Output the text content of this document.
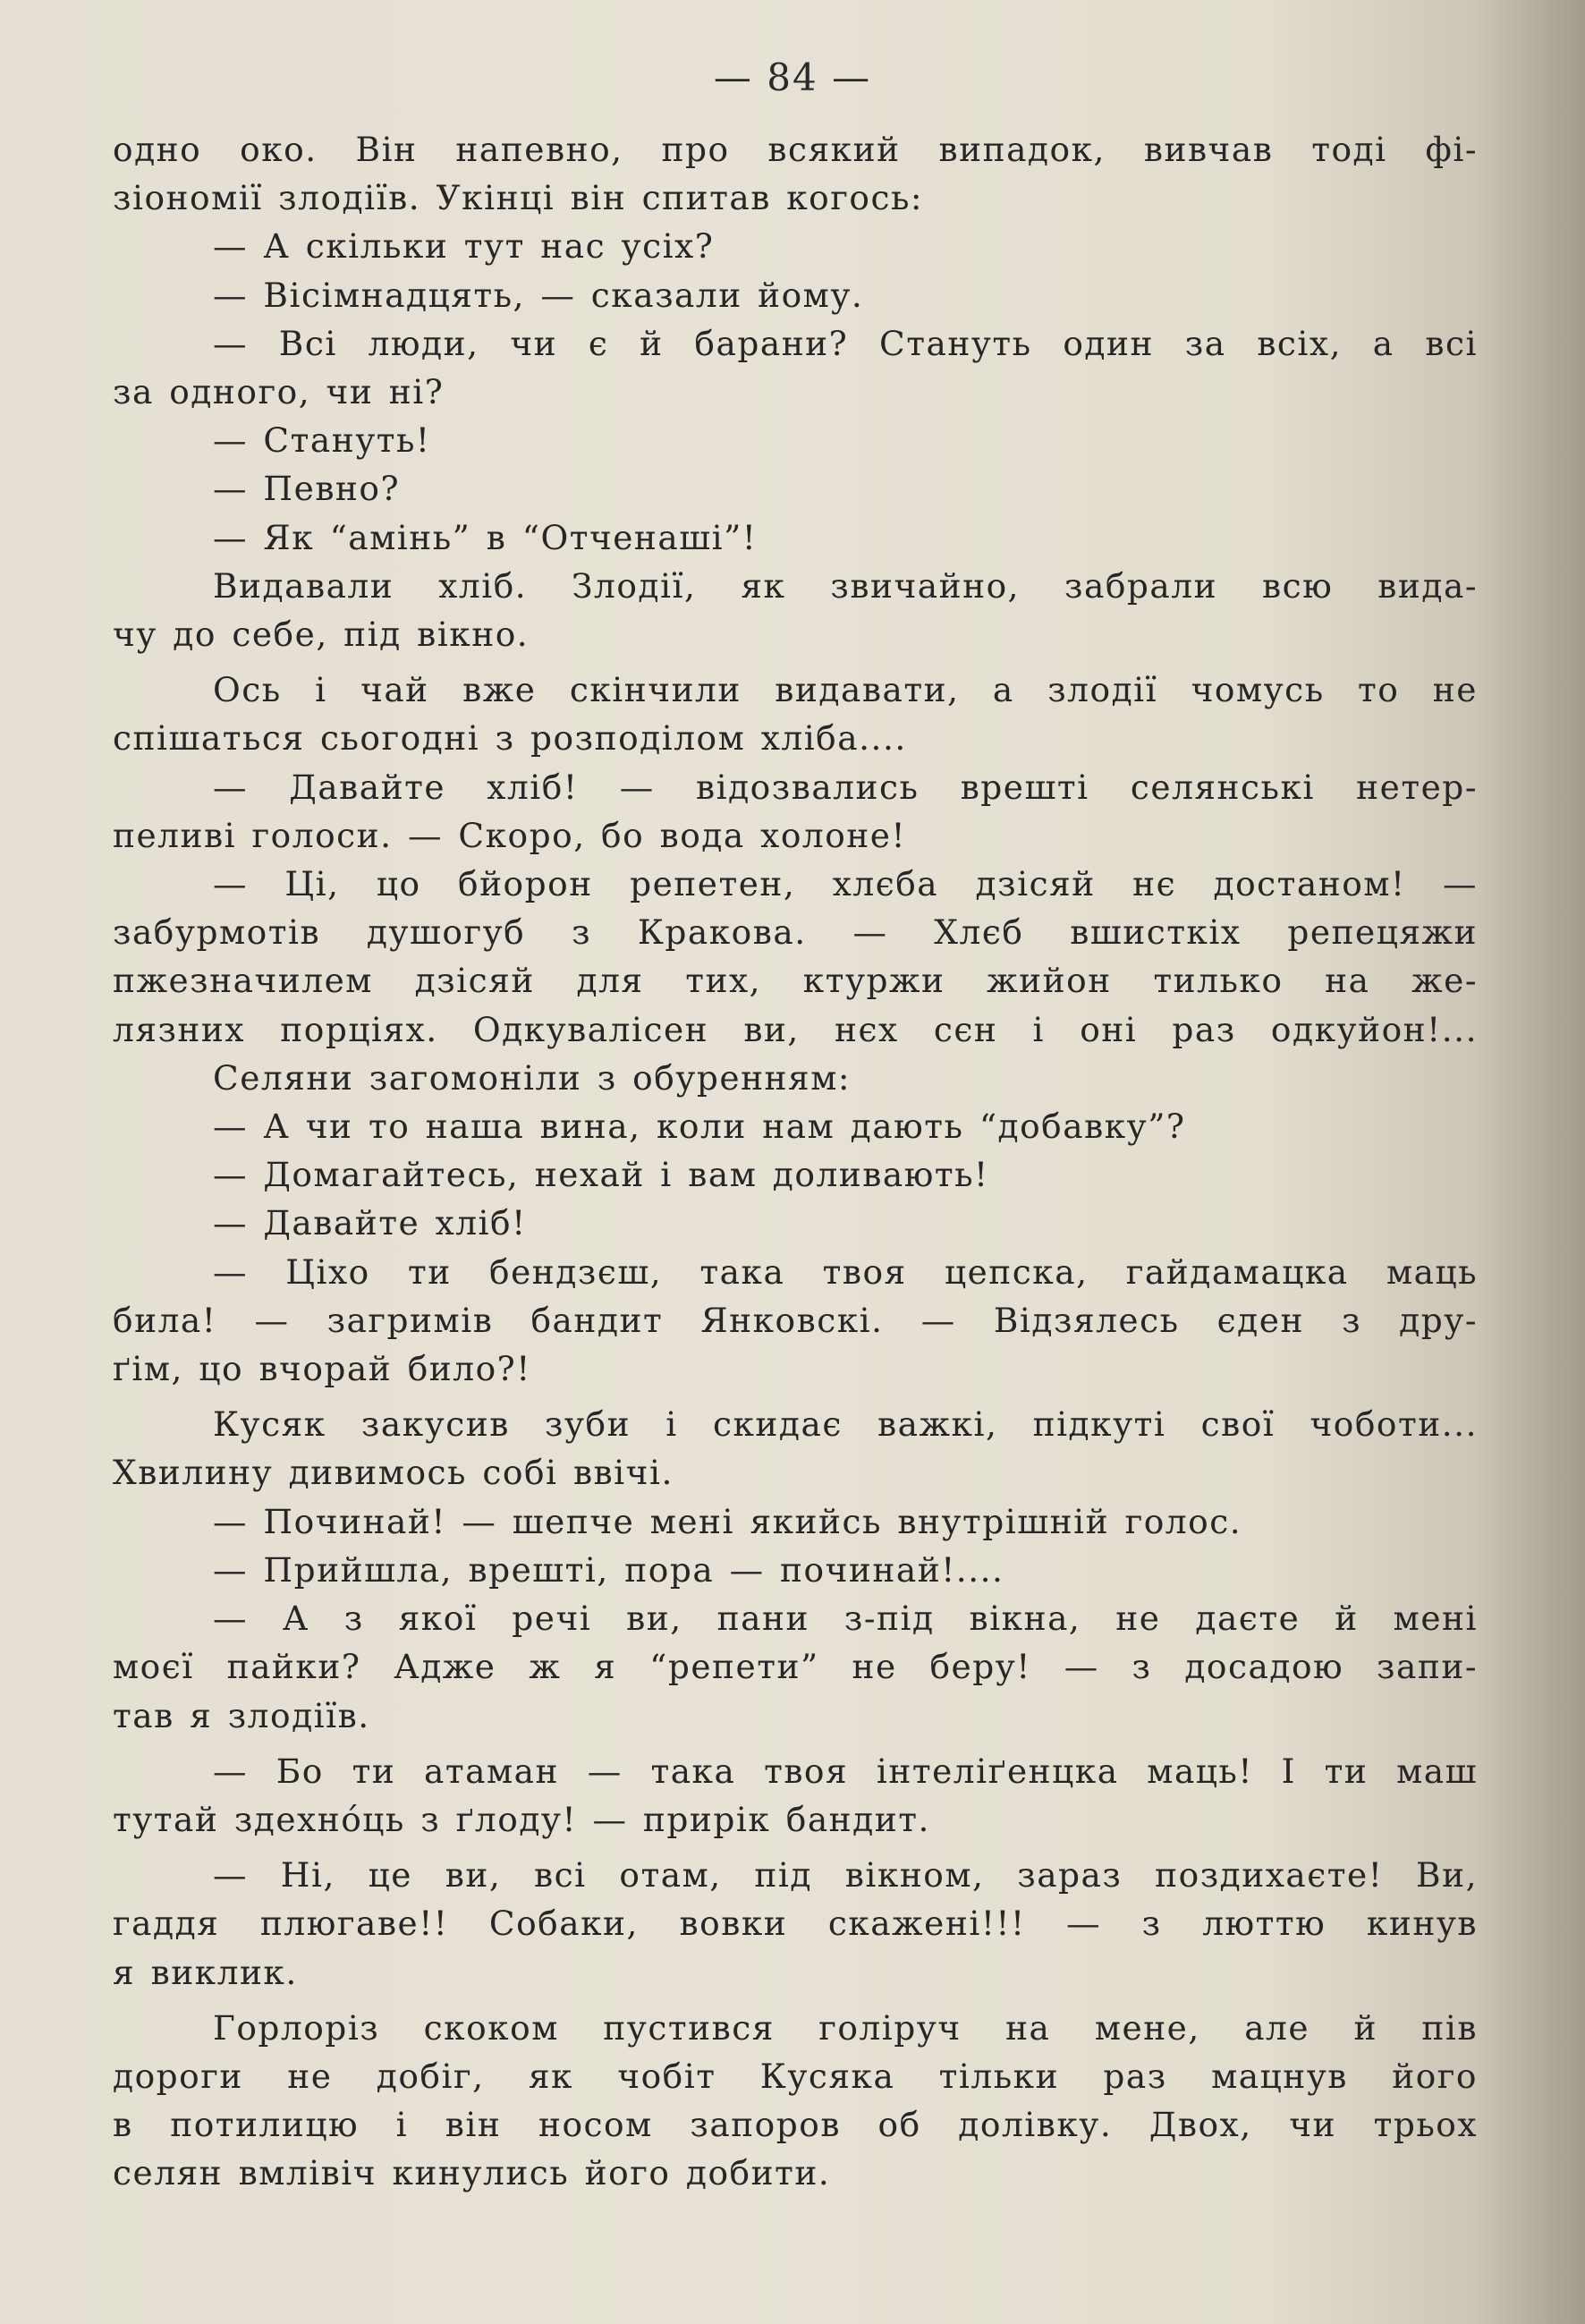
— 84 —
одно око. Він напевно, про всякий випадок, вивчав тоді фі-
зіономії злодіїв. Укінці він спитав когось:
— А скільки тут нас усіх?
— Вісімнадцять, — сказали йому.
— Всі люди, чи є й барани? Стануть один за всіх, а всі
за одного, чи ні?
— Стануть!
— Певно?
— Як “амінь” в “Отченаші”!
Видавали хліб. Злодії, як звичайно, забрали всю вида-
чу до себе, під вікно.
Ось і чай вже скінчили видавати, а злодії чомусь то не
спішаться сьогодні з розподілом хліба....
— Давайте хліб! — відозвались врешті селянські нетер-
пеливі голоси. — Скоро, бо вода холоне!
— Ці, цо бйорон репетен, хлєба дзісяй нє достаном! —
забурмотів душогуб з Кракова. — Хлєб вшисткіх репецяжи
пжезначилем дзісяй для тих, ктуржи жийон тилько на же-
лязних порціях. Одкувалісен ви, нєх сєн і оні раз одкуйон!...
Селяни загомоніли з обуренням:
— А чи то наша вина, коли нам дають “добавку”?
— Домагайтесь, нехай і вам доливають!
— Давайте хліб!
— Ціхо ти бендзєш, така твоя цепска, гайдамацка маць
била! — загримів бандит Янковскі. — Відзялесь єден з дру-
ґім, цо вчорай било?!
Кусяк закусив зуби і скидає важкі, підкуті свої чоботи...
Хвилину дивимось собі ввічі.
— Починай! — шепче мені якийсь внутрішній голос.
— Прийшла, врешті, пора — починай!....
— А з якої речі ви, пани з-під вікна, не даєте й мені
моєї пайки? Адже ж я “репети” не беру! — з досадою запи-
тав я злодіїв.
— Бо ти атаман — така твоя інтеліґенцка маць! І ти маш
тутай здехнόць з ґлоду! — прирік бандит.
— Ні, це ви, всі отам, під вікном, зараз поздихаєте! Ви,
гаддя плюгаве!! Собаки, вовки скажені!!! — з люттю кинув
я виклик.
Горлоріз скоком пустився голіруч на мене, але й пів
дороги не добіг, як чобіт Кусяка тільки раз мацнув його
в потилицю і він носом запоров об долівку. Двох, чи трьох
селян вмлівіч кинулись його добити.
